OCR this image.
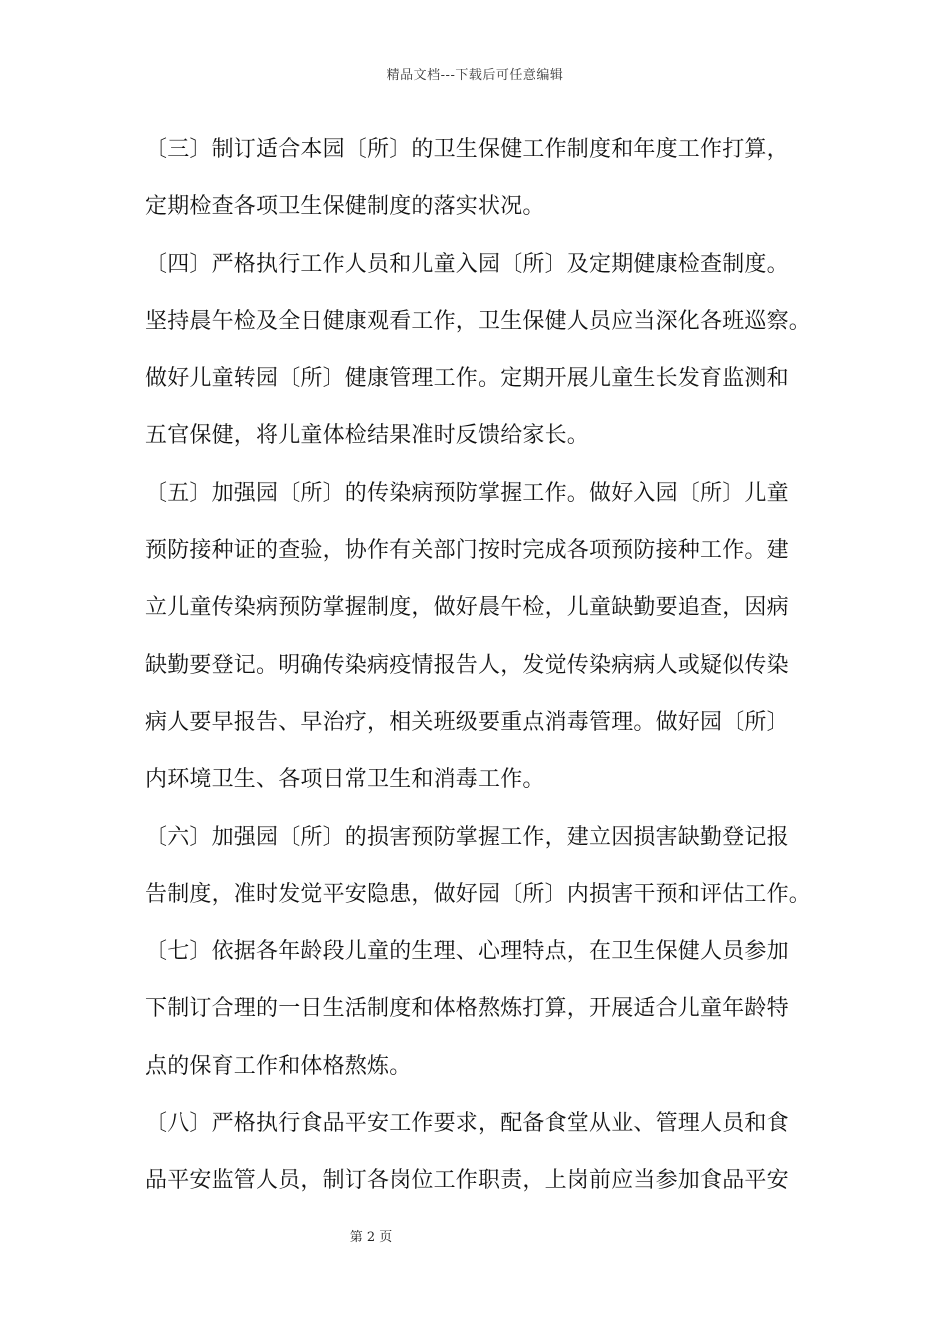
精品文档---下载后可任意编辑
〔三〕制订适合本园〔所〕的卫生保健工作制度和年度工作打算，
定期检查各项卫生保健制度的落实状况。
〔四〕严格执行工作人员和儿童入园〔所〕及定期健康检查制度。
坚持晨午检及全日健康观看工作，卫生保健人员应当深化各班巡察。
做好儿童转园〔所〕健康管理工作。定期开展儿童生长发育监测和
五官保健，将儿童体检结果准时反馈给家长。
〔五〕加强园〔所〕的传染病预防掌握工作。做好入园〔所〕儿童
预防接种证的查验，协作有关部门按时完成各项预防接种工作。建
立儿童传染病预防掌握制度，做好晨午检，儿童缺勤要追查，因病
缺勤要登记。明确传染病疫情报告人，发觉传染病病人或疑似传染
病人要早报告、早治疗，相关班级要重点消毒管理。做好园〔所〕
内环境卫生、各项日常卫生和消毒工作。
〔六〕加强园〔所〕的损害预防掌握工作，建立因损害缺勤登记报
告制度，准时发觉平安隐患，做好园〔所〕内损害干预和评估工作。
〔七〕依据各年龄段儿童的生理、心理特点，在卫生保健人员参加
下制订合理的一日生活制度和体格熬炼打算，开展适合儿童年龄特
点的保育工作和体格熬炼。
〔八〕严格执行食品平安工作要求，配备食堂从业、管理人员和食
品平安监管人员，制订各岗位工作职责，上岗前应当参加食品平安
第 2 页
